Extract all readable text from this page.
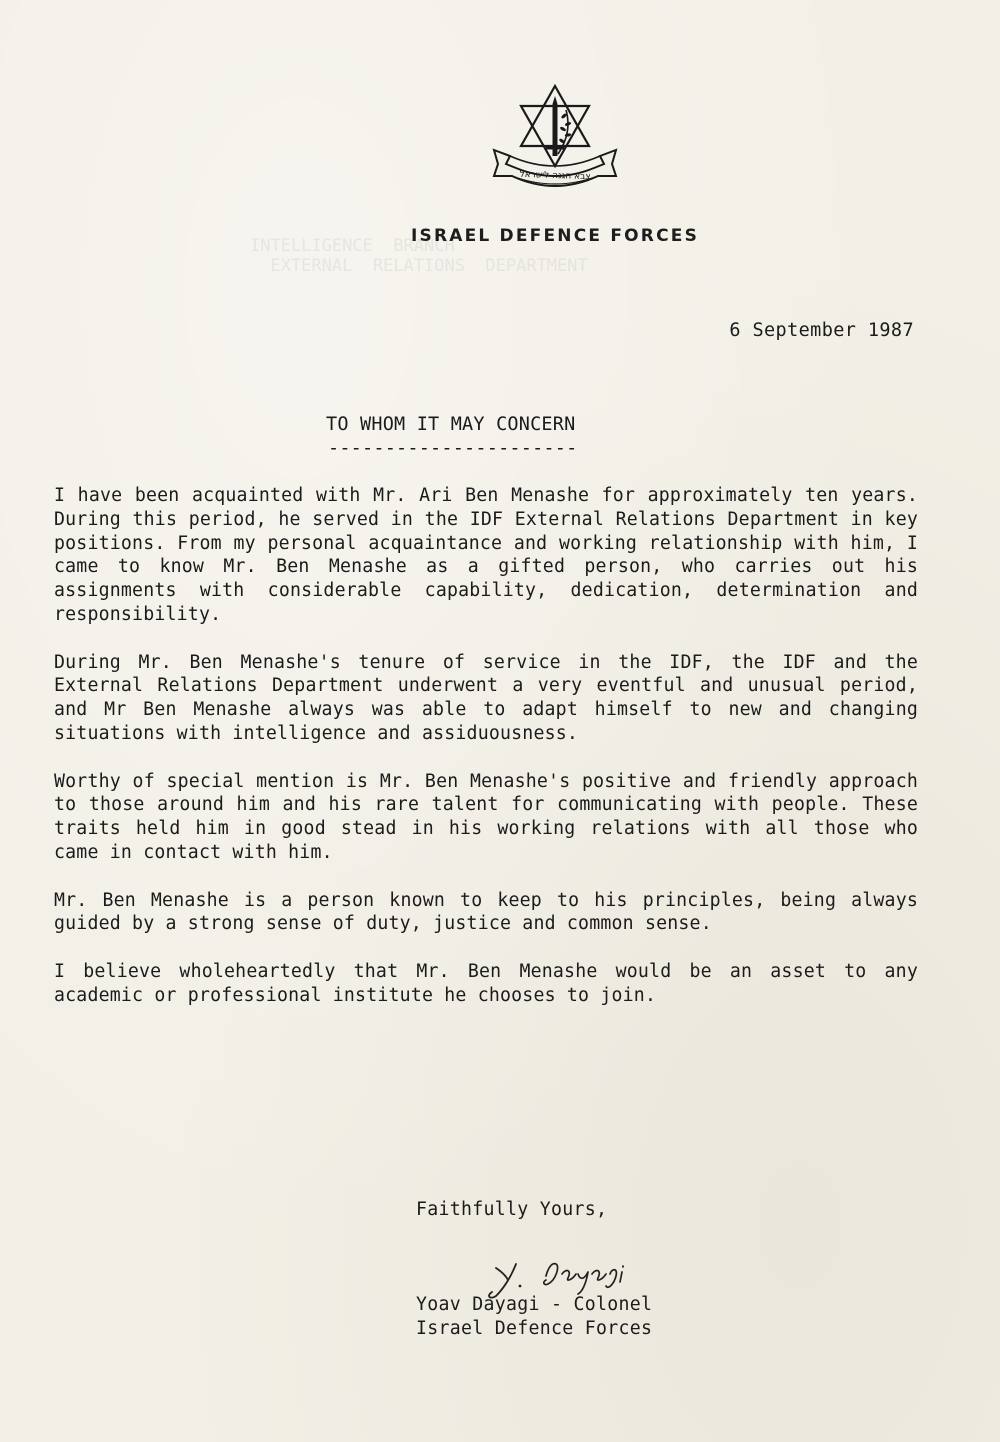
צבא הגנה לישראל
INTELLIGENCE  BRANCH
EXTERNAL  RELATIONS  DEPARTMENT
ISRAEL DEFENCE FORCES
6 September 1987
TO WHOM IT MAY CONCERN
----------------------

I have been acquainted with Mr. Ari Ben Menashe for approximately ten years. During this period, he served in the IDF External Relations Department in key positions. From my personal acquaintance and working relationship with him, I came to know Mr. Ben Menashe as a gifted person, who carries out his assignments with considerable capability, dedication, determination and responsibility.

During Mr. Ben Menashe's tenure of service in the IDF, the IDF and the External Relations Department underwent a very eventful and unusual period, and Mr Ben Menashe always was able to adapt himself to new and changing situations with intelligence and assiduousness.

Worthy of special mention is Mr. Ben Menashe's positive and friendly approach to those around him and his rare talent for communicating with people. These traits held him in good stead in his working relations with all those who came in contact with him.

Mr. Ben Menashe is a person known to keep to his principles, being always guided by a strong sense of duty, justice and common sense.

I believe wholeheartedly that Mr. Ben Menashe would be an asset to any academic or professional institute he chooses to join.

Faithfully Yours,
Yoav Dayagi - Colonel
Israel Defence Forces
